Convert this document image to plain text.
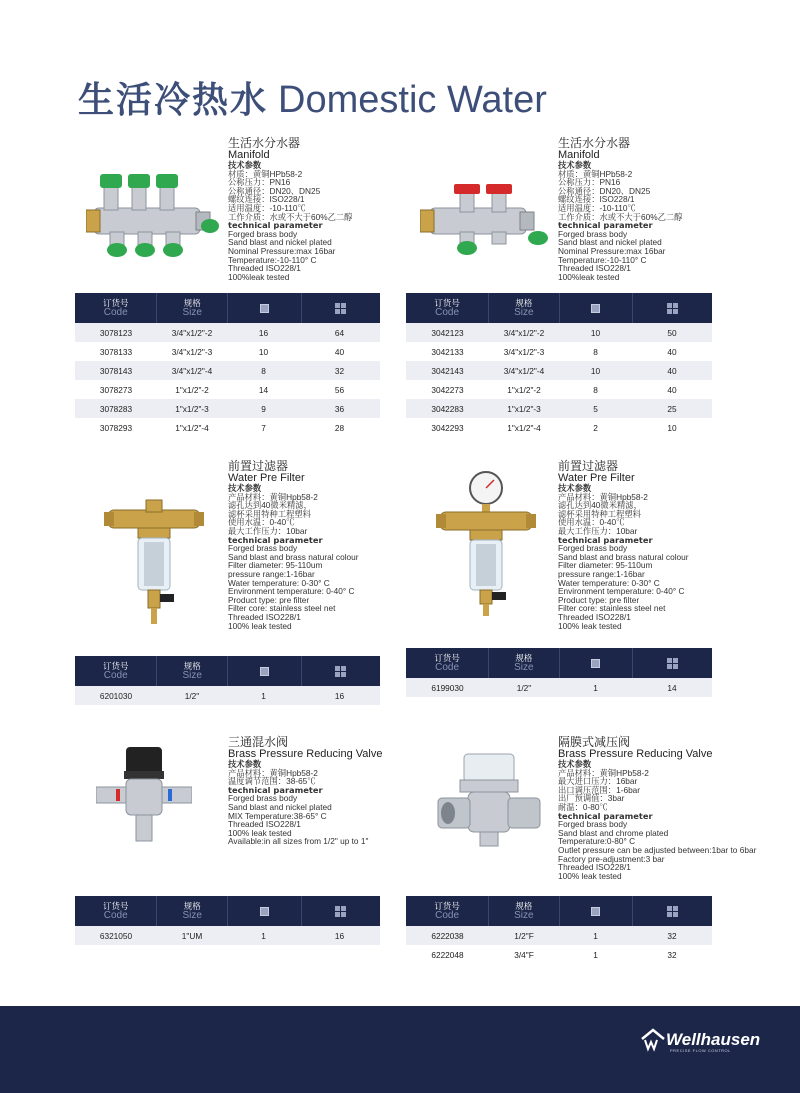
生活冷热水 Domestic Water
生活水分水器
Manifold
技术参数
材质：黄铜HPb58-2
公称压力：PN16
公称通径：DN20、DN25
螺纹连接：ISO228/1
适用温度：-10-110℃
工作介质：水或不大于60%乙二醇
technical parameter
Forged brass body
Sand blast and nickel plated
Nominal Pressure:max 16bar
Temperature:-10-110° C
Threaded ISO228/1
100%leak tested
生活水分水器
Manifold
技术参数
材质：黄铜HPb58-2
公称压力：PN16
公称通径：DN20、DN25
螺纹连接：ISO228/1
适用温度：-10-110℃
工作介质：水或不大于60%乙二醇
technical parameter
Forged brass body
Sand blast and nickel plated
Nominal Pressure:max 16bar
Temperature:-10-110° C
Threaded ISO228/1
100%leak tested
前置过滤器
Water Pre Filter
技术参数
产品材料：黄铜Hpb58-2
滤孔达到40微米精滤，
滤杯采用特种工程塑料
使用水温：0-40℃
最大工作压力：10bar
technical parameter
Forged brass body
Sand blast and brass natural colour
Filter diameter: 95-110um
pressure range:1-16bar
Water temperature: 0-30° C
Environment temperature: 0-40° C
Product type: pre filter
Filter core: stainless steel net
Threaded ISO228/1
100% leak tested
前置过滤器
Water Pre Filter
技术参数
产品材料：黄铜Hpb58-2
滤孔达到40微米精滤，
滤杯采用特种工程塑料
使用水温：0-40℃
最大工作压力：10bar
technical parameter
Forged brass body
Sand blast and brass natural colour
Filter diameter: 95-110um
pressure range:1-16bar
Water temperature: 0-30° C
Environment temperature: 0-40° C
Product type: pre filter
Filter core: stainless steel net
Threaded ISO228/1
100% leak tested
三通混水阀
Brass Pressure Reducing Valve
技术参数
产品材料：黄铜Hpb58-2
温度调节范围：38-65℃
technical parameter
Forged brass body
Sand blast and nickel plated
MIX Temperature:38-65° C
Threaded ISO228/1
100% leak tested
Available:in all sizes from 1/2" up to 1"
隔膜式减压阀
Brass Pressure Reducing Valve
技术参数
产品材料：黄铜HPb58-2
最大进口压力：16bar
出口调压范围：1-6bar
出厂预调值：3bar
耐温：0-80℃
technical parameter
Forged brass body
Sand blast and chrome plated
Temperature:0-80° C
Outlet pressure can be adjusted between:1bar to 6bar
Factory pre-adjustment:3 bar
Threaded ISO228/1
100% leak tested
订货号
Code
规格
Size
3078123	3/4"x1/2"-2	16	64
3078133	3/4"x1/2"-3	10	40
3078143	3/4"x1/2"-4	8	32
3078273	1"x1/2"-2	14	56
3078283	1"x1/2"-3	9	36
3078293	1"x1/2"-4	7	28
订货号
Code
规格
Size
3042123	3/4"x1/2"-2	10	50
3042133	3/4"x1/2"-3	8	40
3042143	3/4"x1/2"-4	10	40
3042273	1"x1/2"-2	8	40
3042283	1"x1/2"-3	5	25
3042293	1"x1/2"-4	2	10
订货号
Code
规格
Size
6201030	1/2"	1	16
订货号
Code
规格
Size
6199030	1/2"	1	14
订货号
Code
规格
Size
6321050	1"UM	1	16
订货号
Code
规格
Size
6222038	1/2"F	1	32
6222048	3/4"F	1	32
Wellhausen
PRECISE FLOW CONTROL
